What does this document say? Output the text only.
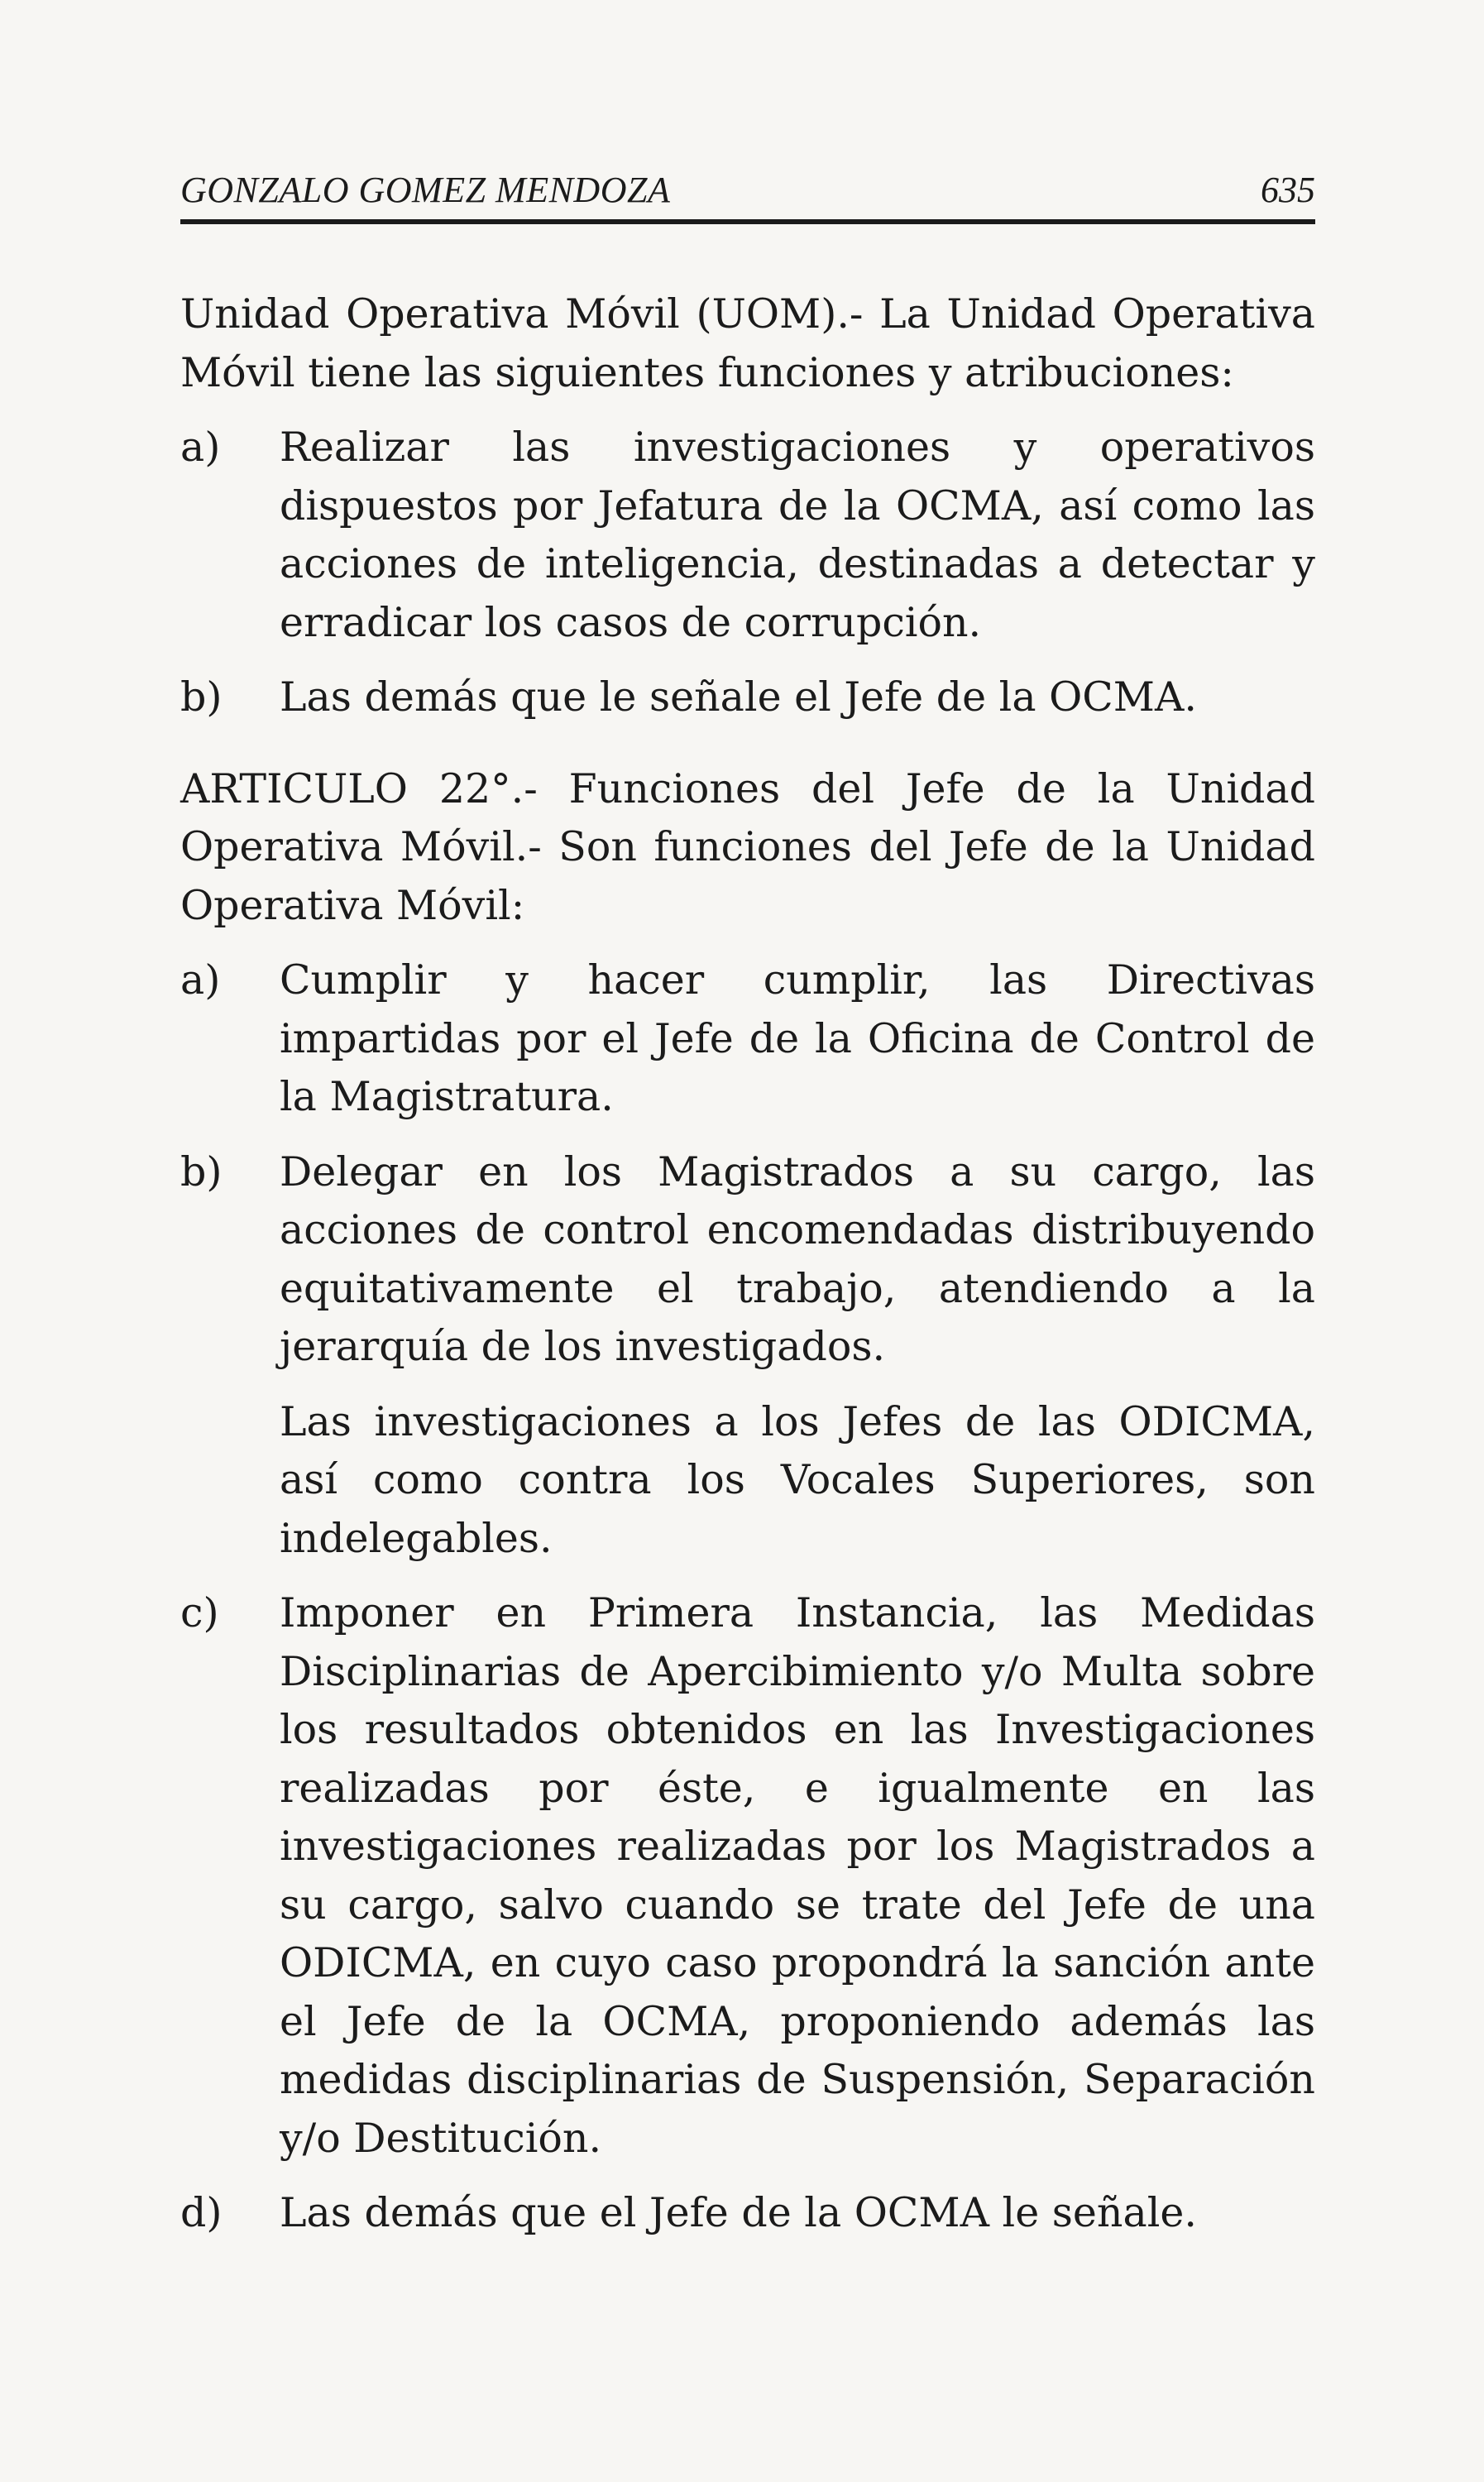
GONZALO GOMEZ MENDOZA	635

Unidad Operativa Móvil (UOM).- La Unidad Operativa Móvil tiene las siguientes funciones y atribuciones:

a)	Realizar las investigaciones y operativos dispuestos por Jefatura de la OCMA, así como las acciones de inteligencia, destinadas a detectar y erradicar los casos de corrupción.
b)	Las demás que le señale el Jefe de la OCMA.

ARTICULO 22°.- Funciones del Jefe de la Unidad Operativa Móvil.- Son funciones del Jefe de la Unidad Operativa Móvil:

a)	Cumplir y hacer cumplir, las Directivas impartidas por el Jefe de la Oficina de Control de la Magistratura.
b)	Delegar en los Magistrados a su cargo, las acciones de control encomendadas distribuyendo equitativamente el trabajo, atendiendo a la jerarquía de los investigados.

Las investigaciones a los Jefes de las ODICMA, así como contra los Vocales Superiores, son indelegables.

c)	Imponer en Primera Instancia, las Medidas Disciplinarias de Apercibimiento y/o Multa sobre los resultados obtenidos en las Investigaciones realizadas por éste, e igualmente en las investigaciones realizadas por los Magistrados a su cargo, salvo cuando se trate del Jefe de una ODICMA, en cuyo caso propondrá la sanción ante el Jefe de la OCMA, proponiendo además las medidas disciplinarias de Suspensión, Separación y/o Destitución.
d)	Las demás que el Jefe de la OCMA le señale.
